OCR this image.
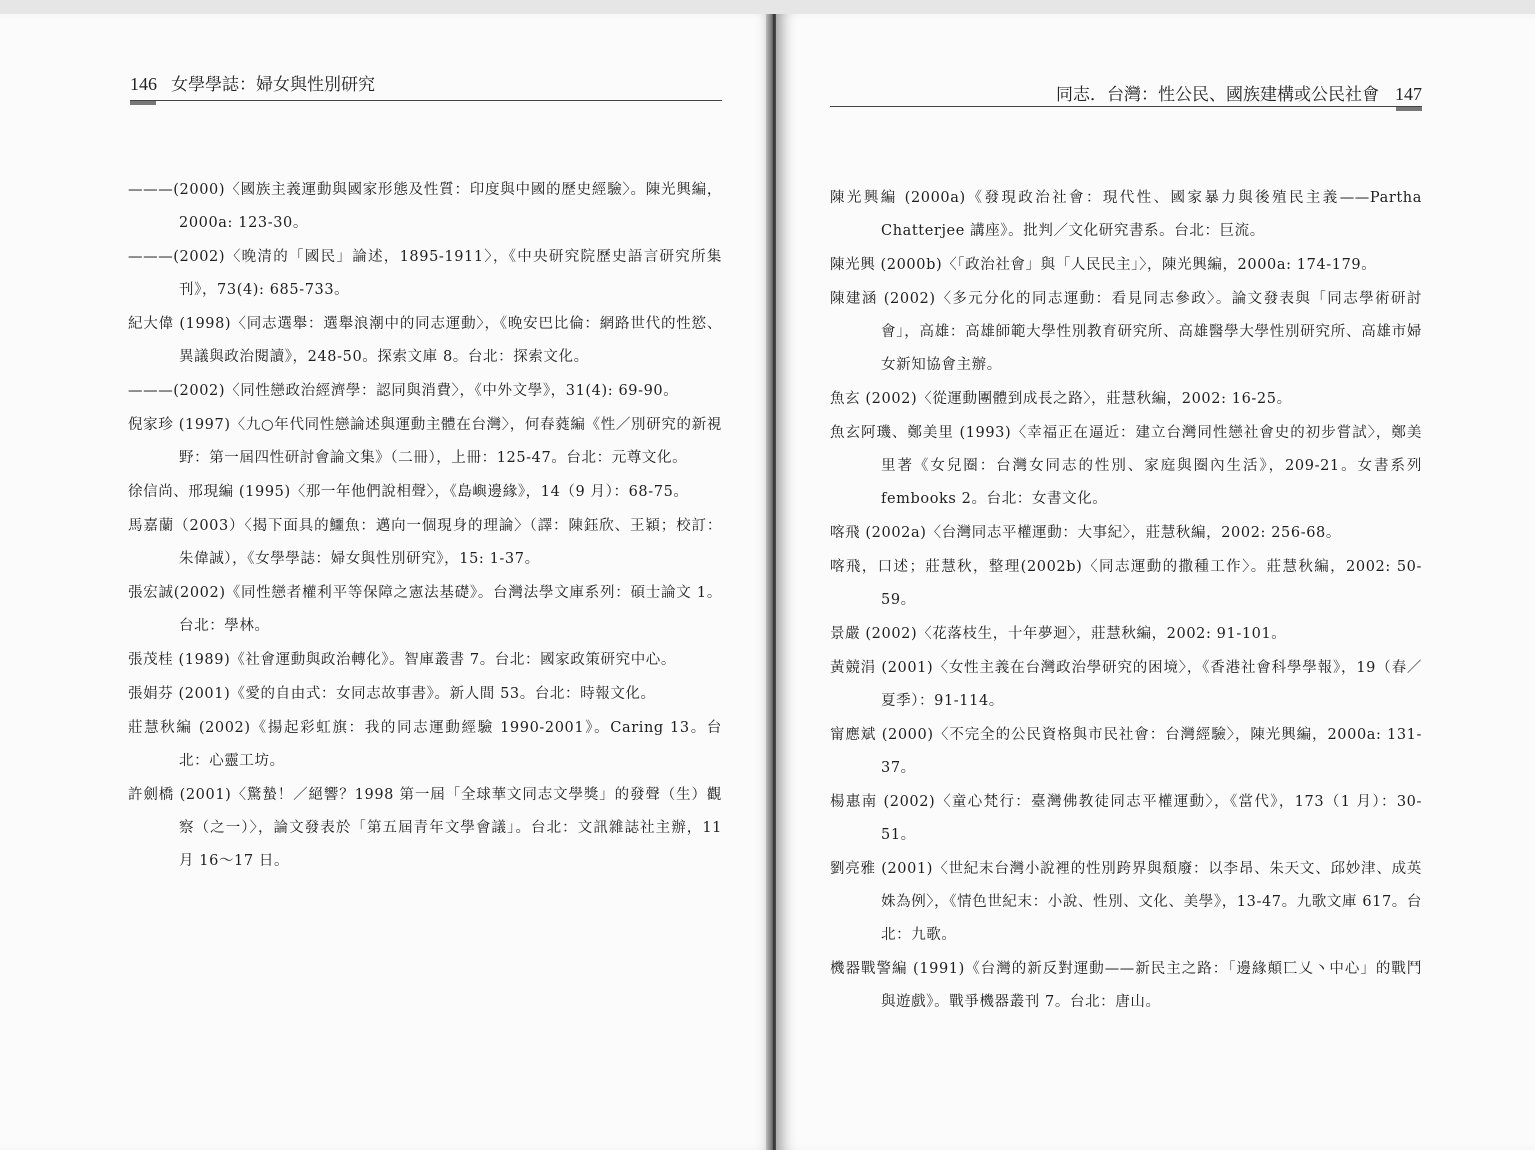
146 女學學誌：婦女與性別研究

———(2000)〈國族主義運動與國家形態及性質：印度與中國的歷史經驗〉。陳光興編，2000a: 123-30。

———(2002)〈晚清的「國民」論述，1895-1911〉，《中央研究院歷史語言研究所集刊》，73(4): 685-733。

紀大偉 (1998)〈同志選舉：選舉浪潮中的同志運動〉，《晚安巴比倫：網路世代的性慾、異議與政治閱讀》，248-50。探索文庫 8。台北：探索文化。

———(2002)〈同性戀政治經濟學：認同與消費〉，《中外文學》，31(4): 69-90。

倪家珍 (1997)〈九○年代同性戀論述與運動主體在台灣〉，何春蕤編《性／別研究的新視野：第一屆四性研討會論文集》（二冊），上冊：125-47。台北：元尊文化。

徐信尚、邢現編 (1995)〈那一年他們說相聲〉，《島嶼邊緣》，14（9 月）：68-75。

馬嘉蘭（2003）〈揭下面具的鱷魚：邁向一個現身的理論〉（譯：陳鈺欣、王穎；校訂：朱偉誠），《女學學誌：婦女與性別研究》，15: 1-37。

張宏誠(2002)《同性戀者權利平等保障之憲法基礎》。台灣法學文庫系列：碩士論文 1。台北：學林。

張茂桂 (1989)《社會運動與政治轉化》。智庫叢書 7。台北：國家政策研究中心。

張娟芬 (2001)《愛的自由式：女同志故事書》。新人間 53。台北：時報文化。

莊慧秋編 (2002)《揚起彩虹旗：我的同志運動經驗 1990-2001》。Caring 13。台北：心靈工坊。

許劍橋 (2001)〈驚蟄！／絕響？1998 第一屆「全球華文同志文學獎」的發聲（生）觀察（之一）〉，論文發表於「第五屆青年文學會議」。台北：文訊雜誌社主辦，11 月 16～17 日。

同志．台灣：性公民、國族建構或公民社會 147

陳光興編 (2000a)《發現政治社會：現代性、國家暴力與後殖民主義——Partha Chatterjee 講座》。批判／文化研究書系。台北：巨流。

陳光興 (2000b)〈「政治社會」與「人民民主」〉，陳光興編，2000a: 174-179。

陳建涵 (2002)〈多元分化的同志運動：看見同志參政〉。論文發表與「同志學術研討會」，高雄：高雄師範大學性別教育研究所、高雄醫學大學性別研究所、高雄市婦女新知協會主辦。

魚玄 (2002)〈從運動團體到成長之路〉，莊慧秋編，2002: 16-25。

魚玄阿璣、鄭美里 (1993)〈幸福正在逼近：建立台灣同性戀社會史的初步嘗試〉，鄭美里著《女兒圈：台灣女同志的性別、家庭與圈內生活》，209-21。女書系列 fembooks 2。台北：女書文化。

喀飛 (2002a)〈台灣同志平權運動：大事紀〉，莊慧秋編，2002: 256-68。

喀飛，口述；莊慧秋，整理(2002b)〈同志運動的撒種工作〉。莊慧秋編，2002: 50-59。

景嚴 (2002)〈花落枝生，十年夢迴〉，莊慧秋編，2002: 91-101。

黃競涓 (2001)〈女性主義在台灣政治學研究的困境〉，《香港社會科學學報》，19（春／夏季）：91-114。

甯應斌 (2000)〈不完全的公民資格與市民社會：台灣經驗〉，陳光興編，2000a: 131-37。

楊惠南 (2002)〈童心梵行：臺灣佛教徒同志平權運動〉，《當代》，173（1 月）：30-51。

劉亮雅 (2001)〈世紀末台灣小說裡的性別跨界與頹廢：以李昂、朱天文、邱妙津、成英姝為例〉，《情色世紀末：小說、性別、文化、美學》，13-47。九歌文庫 617。台北：九歌。

機器戰警編 (1991)《台灣的新反對運動——新民主之路：「邊緣顛匸乂丶中心」的戰鬥與遊戲》。戰爭機器叢刊 7。台北：唐山。
